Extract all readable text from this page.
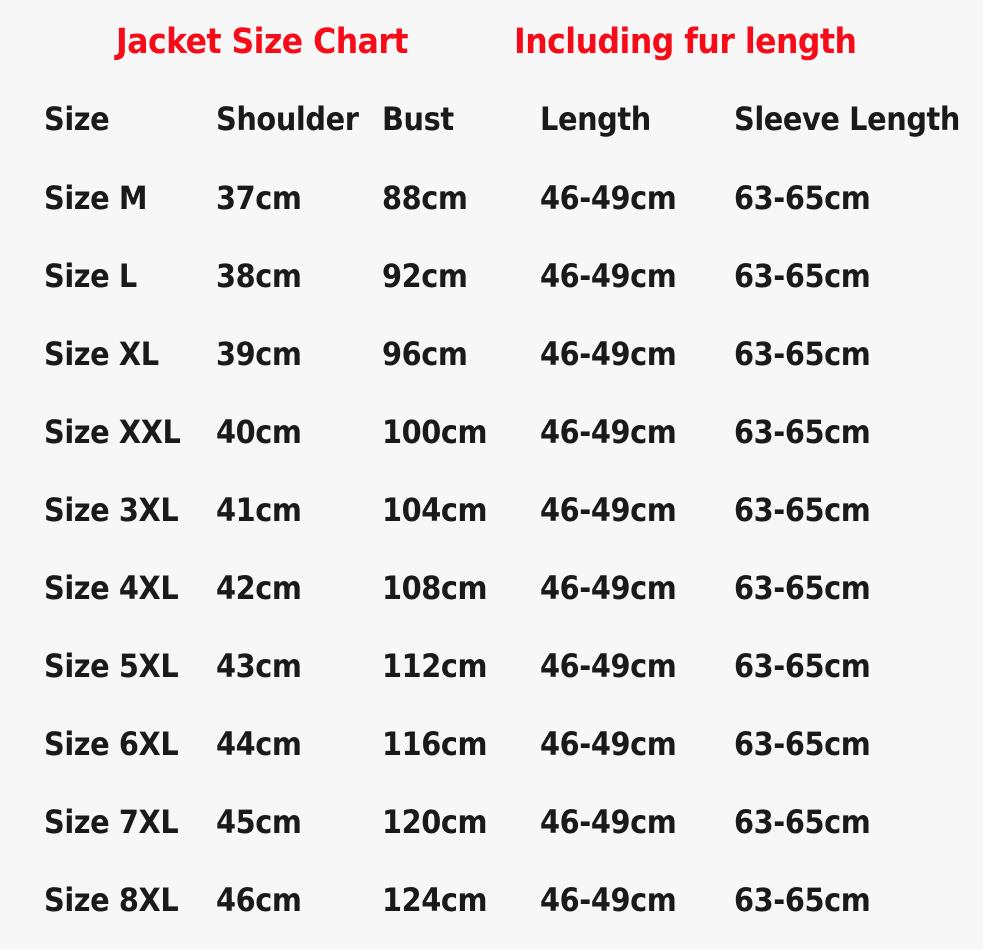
Jacket Size Chart	Including fur length
Size	Shoulder	Bust	Length	Sleeve Length
Size M	37cm	88cm	46-49cm	63-65cm
Size L	38cm	92cm	46-49cm	63-65cm
Size XL	39cm	96cm	46-49cm	63-65cm
Size XXL	40cm	100cm	46-49cm	63-65cm
Size 3XL	41cm	104cm	46-49cm	63-65cm
Size 4XL	42cm	108cm	46-49cm	63-65cm
Size 5XL	43cm	112cm	46-49cm	63-65cm
Size 6XL	44cm	116cm	46-49cm	63-65cm
Size 7XL	45cm	120cm	46-49cm	63-65cm
Size 8XL	46cm	124cm	46-49cm	63-65cm
